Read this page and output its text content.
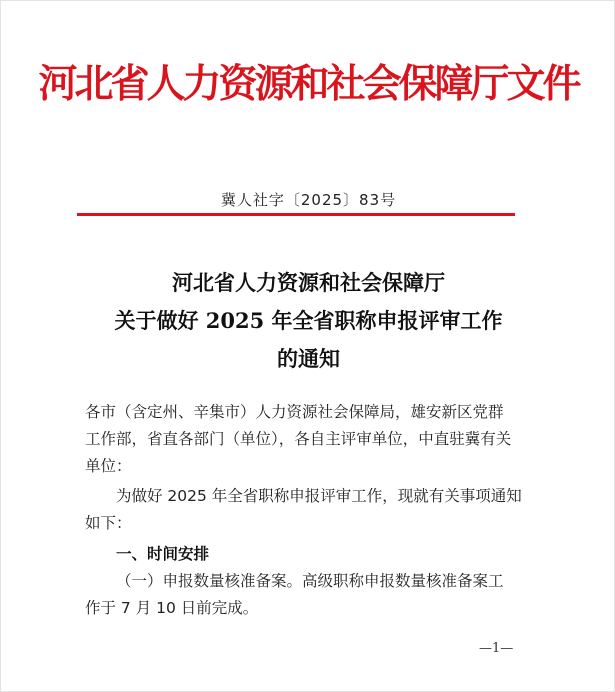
河北省人力资源和社会保障厅文件
冀人社字〔2025〕83号
河北省人力资源和社会保障厅
关于做好 2025 年全省职称申报评审工作
的通知
各市（含定州、辛集市）人力资源社会保障局，雄安新区党群
工作部，省直各部门（单位），各自主评审单位，中直驻冀有关
单位：
为做好 2025 年全省职称申报评审工作，现就有关事项通知
如下：
一、时间安排
（一）申报数量核准备案。高级职称申报数量核准备案工
作于 7 月 10 日前完成。
—1—
